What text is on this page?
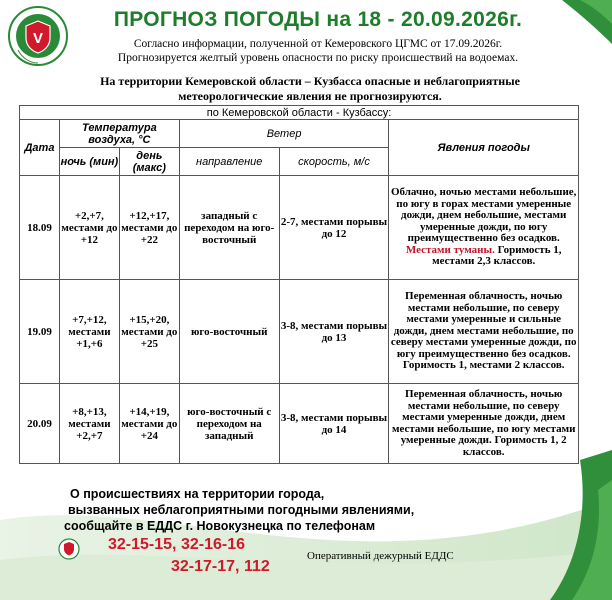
V
ПРОГНОЗ ПОГОДЫ на 18 - 20.09.2026г.
Согласно информации, полученной от Кемеровского ЦГМС от 17.09.2026г.
Прогнозируется желтый уровень опасности по риску происшествий на водоемах.
На территории Кемеровской области – Кузбасса опасные и неблагоприятные
метеорологические явления не прогнозируются.
по Кемеровской области - Кузбассу:					
Дата	Температура воздуха, °С		Ветер		Явления погоды
	ночь (мин)	день (макс)	направление	скорость, м/с	
18.09	+2,+7, местами до +12	+12,+17, местами до +22	западный с переходом на юго-восточный	2-7, местами порывы до 12	Облачно, ночью местами небольшие, по югу в горах местами умеренные дожди, днем небольшие, местами умеренные дожди, по югу преимущественно без осадков. Местами туманы. Горимость 1, местами 2,3 классов.
19.09	+7,+12, местами +1,+6	+15,+20, местами до +25	юго-восточный	3-8, местами порывы до 13	Переменная облачность, ночью местами небольшие, по северу местами умеренные и сильные дожди, днем местами небольшие, по северу местами умеренные дожди, по югу преимущественно без осадков. Горимость 1, местами 2 классов.
20.09	+8,+13, местами +2,+7	+14,+19, местами до +24	юго-восточный с переходом на западный	3-8, местами порывы до 14	Переменная облачность, ночью местами небольшие, по северу местами умеренные дожди, днем местами небольшие, по югу местами умеренные дожди. Горимость 1, 2 классов.
О происшествиях на территории города,
вызванных неблагоприятными погодными явлениями,
сообщайте в ЕДДС г. Новокузнецка по телефонам
32-15-15, 32-16-16
32-17-17, 112
Оперативный дежурный ЕДДС
